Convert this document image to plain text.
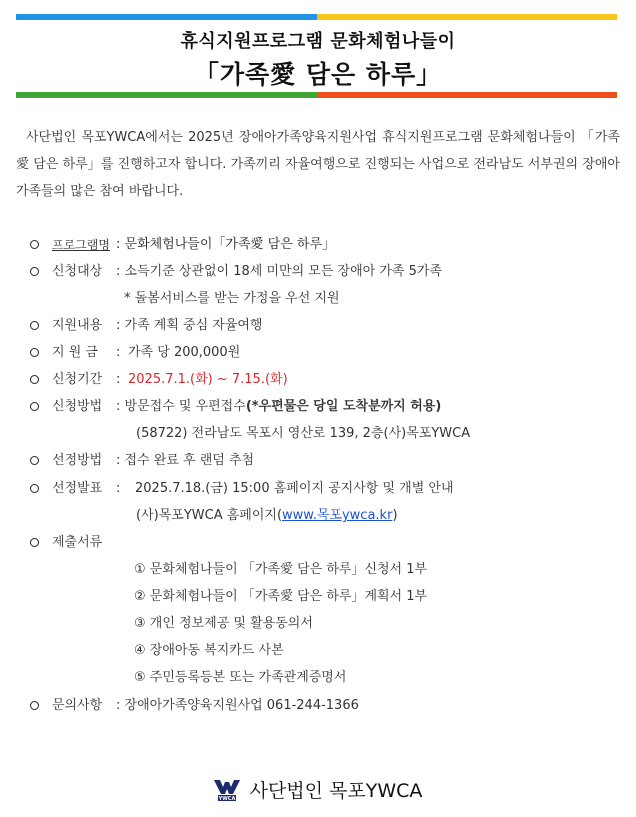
휴식지원프로그램 문화체험나들이
「가족愛 담은 하루」

사단법인 목포YWCA에서는 2025년 장애아가족양육지원사업 휴식지원프로그램 문화체험나들이 「가족愛 담은 하루」를 진행하고자 합니다. 가족끼리 자율여행으로 진행되는 사업으로 전라남도 서부권의 장애아 가족들의 많은 참여 바랍니다.

프로그램명 : 문화체험나들이「가족愛 담은 하루」
신청대상 : 소득기준 상관없이 18세 미만의 모든 장애아 가족 5가족
* 돌봄서비스를 받는 가정을 우선 지원
지원내용 : 가족 계획 중심 자율여행
지 원 금 : 가족 당 200,000원
신청기간 : 2025.7.1.(화) ~ 7.15.(화)
신청방법 : 방문접수 및 우편접수(*우편물은 당일 도착분까지 허용)
(58722) 전라남도 목포시 영산로 139, 2층(사)목포YWCA
선정방법 : 접수 완료 후 랜덤 추첨
선정발표 : 2025.7.18.(금) 15:00 홈페이지 공지사항 및 개별 안내
(사)목포YWCA 홈페이지(www.목포ywca.kr)
제출서류
① 문화체험나들이 「가족愛 담은 하루」신청서 1부
② 문화체험나들이 「가족愛 담은 하루」계획서 1부
③ 개인 정보제공 및 활용동의서
④ 장애아동 복지카드 사본
⑤ 주민등록등본 또는 가족관계증명서
문의사항 : 장애아가족양육지원사업 061-244-1366
YWCA 사단법인 목포YWCA
